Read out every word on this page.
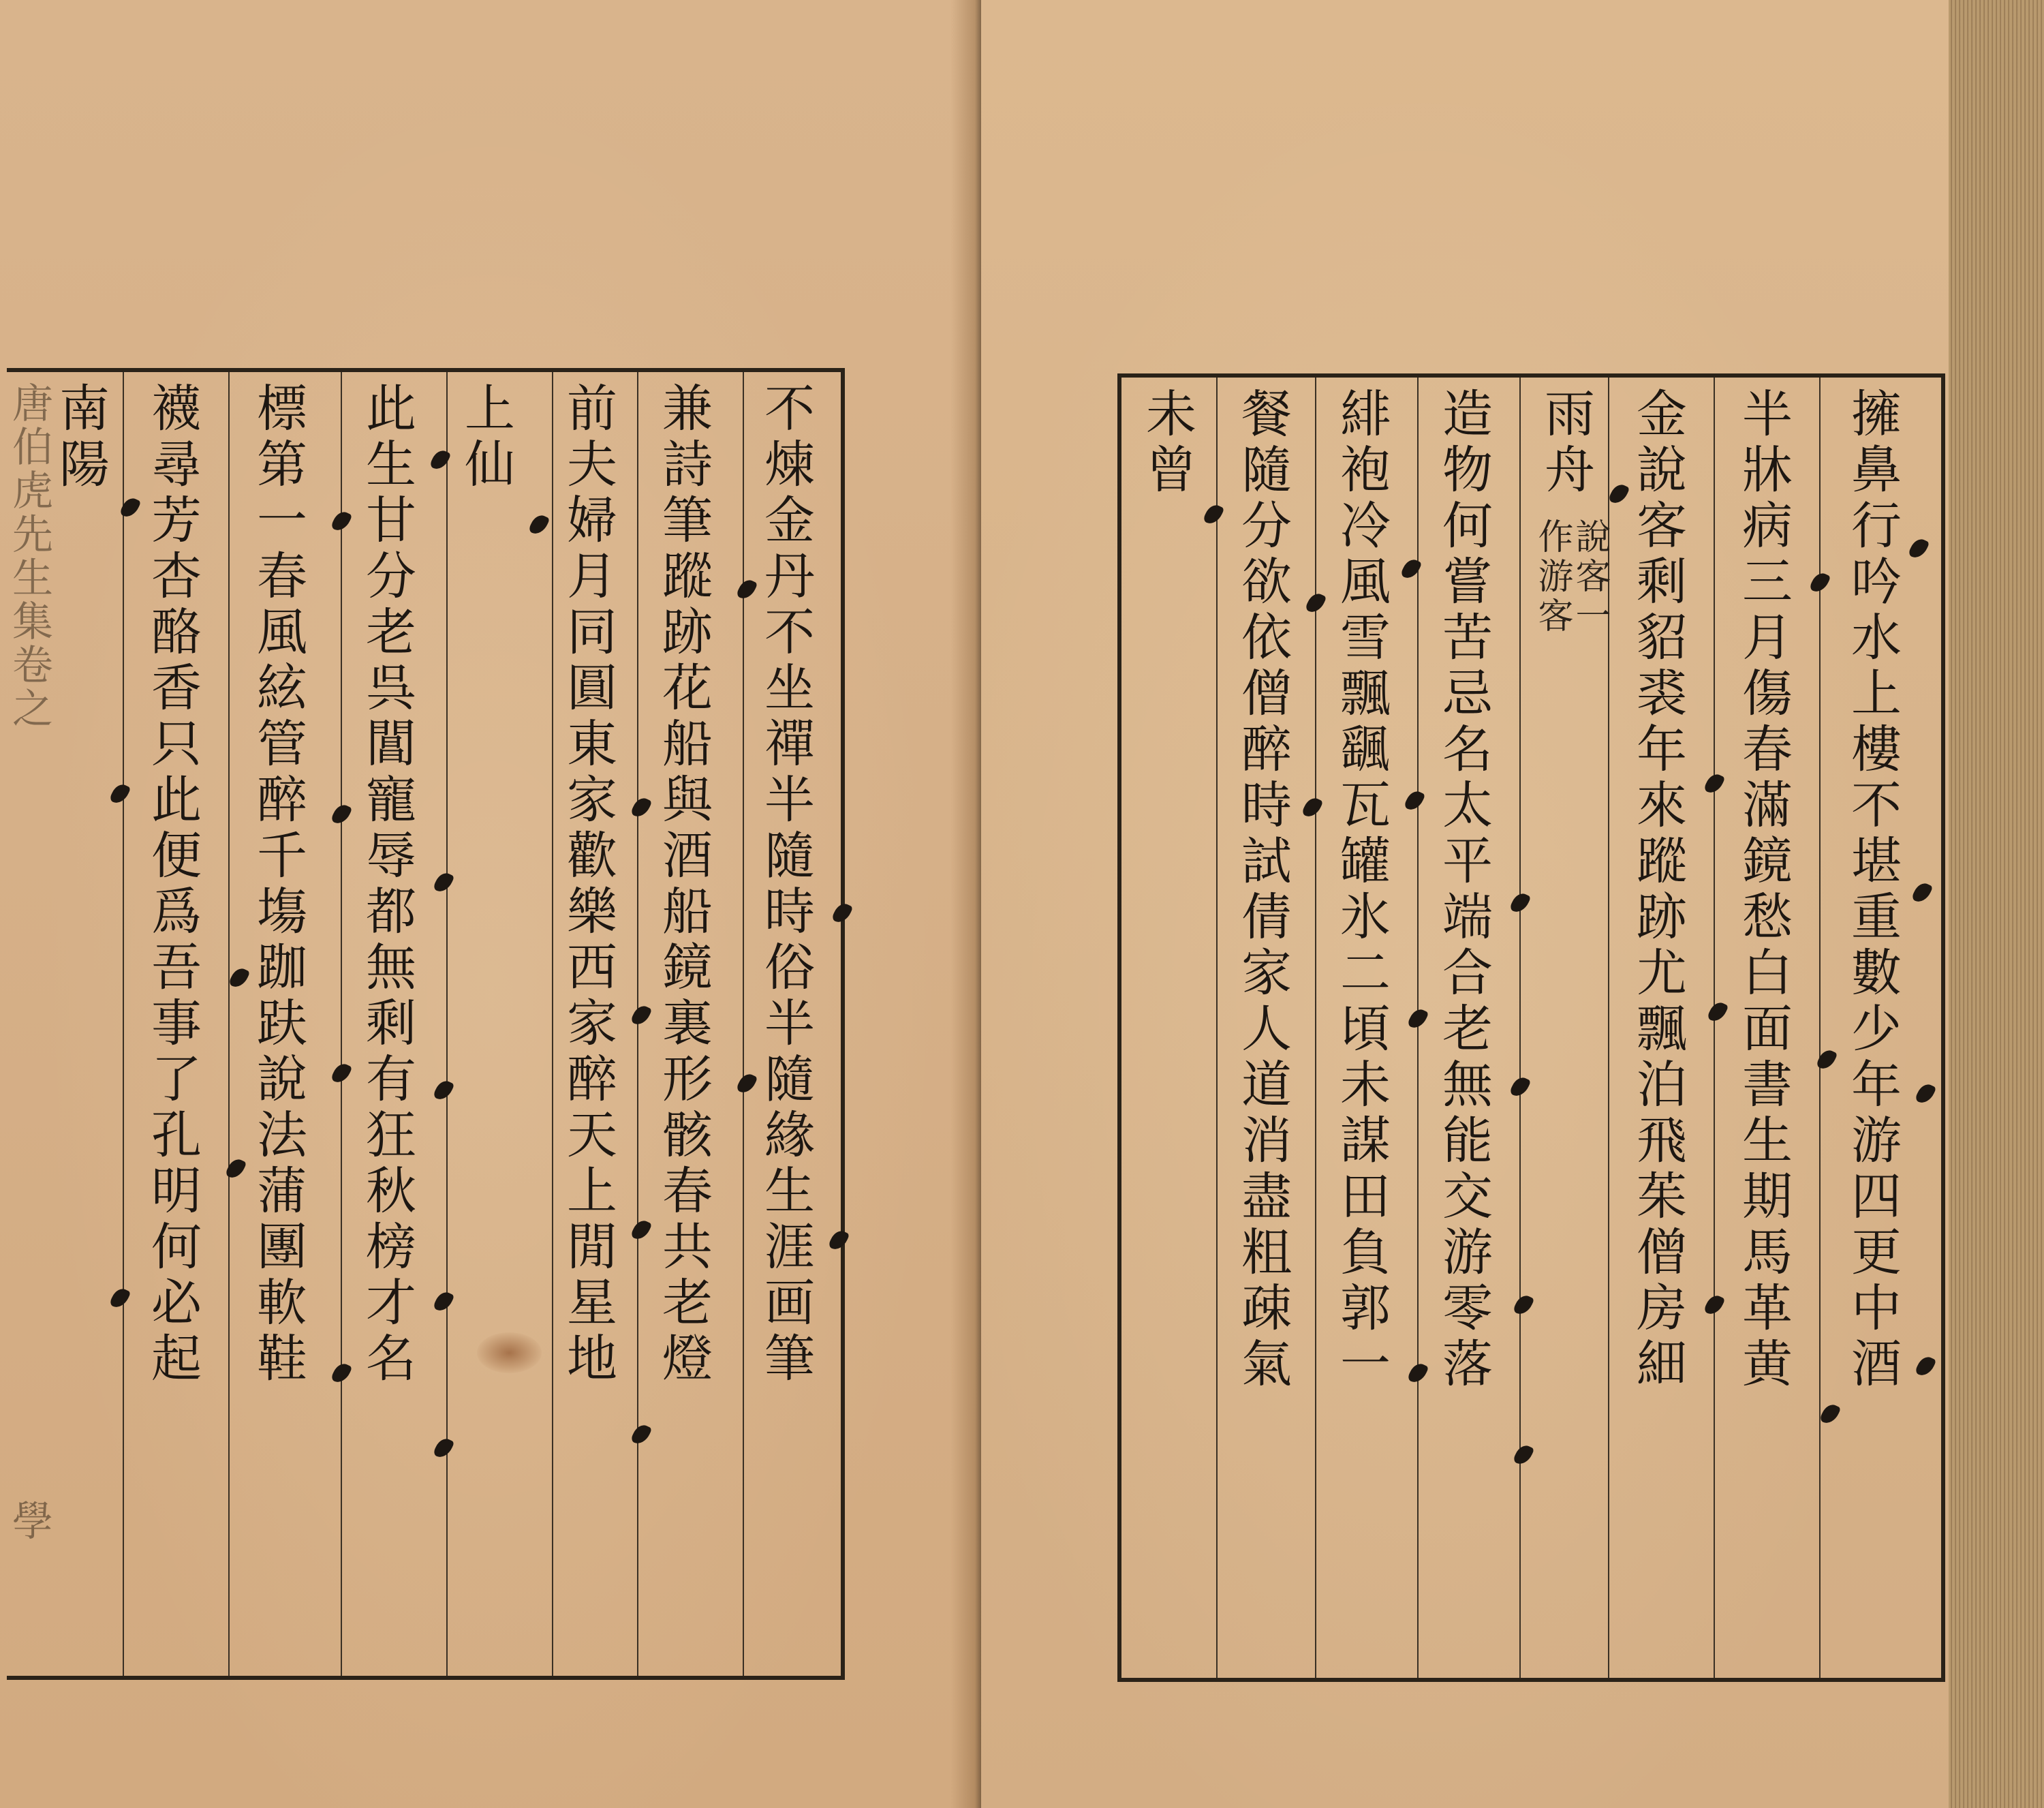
不煉金丹不坐禪半隨時俗半隨緣生涯画筆
兼詩筆蹤跡花船與酒船鏡裏形骸春共老燈
前夫婦月同圓東家歡樂西家醉天上閒星地
上仙
此生甘分老呉閶寵辱都無剩有狂秋榜才名
標第一春風絃管醉千塲跏趺說法蒲團軟鞋
襪尋芳杏酪香只此便爲吾事了孔明何必起
南陽
唐伯虎先生集卷之
學
擁鼻行吟水上樓不堪重數少年游四更中酒
半牀病三月傷春滿鏡愁白面書生期馬革黄
金說客剩貂裘年來蹤跡尤飄泊飛茱僧房細
雨舟
說客一
作游客
造物何嘗苦忌名太平端合老無能交游零落
緋袍冷風雪飄颻瓦罐氷二頃未謀田負郭一
餐隨分欲依僧醉時試倩家人道消盡粗疎氣
未曾
